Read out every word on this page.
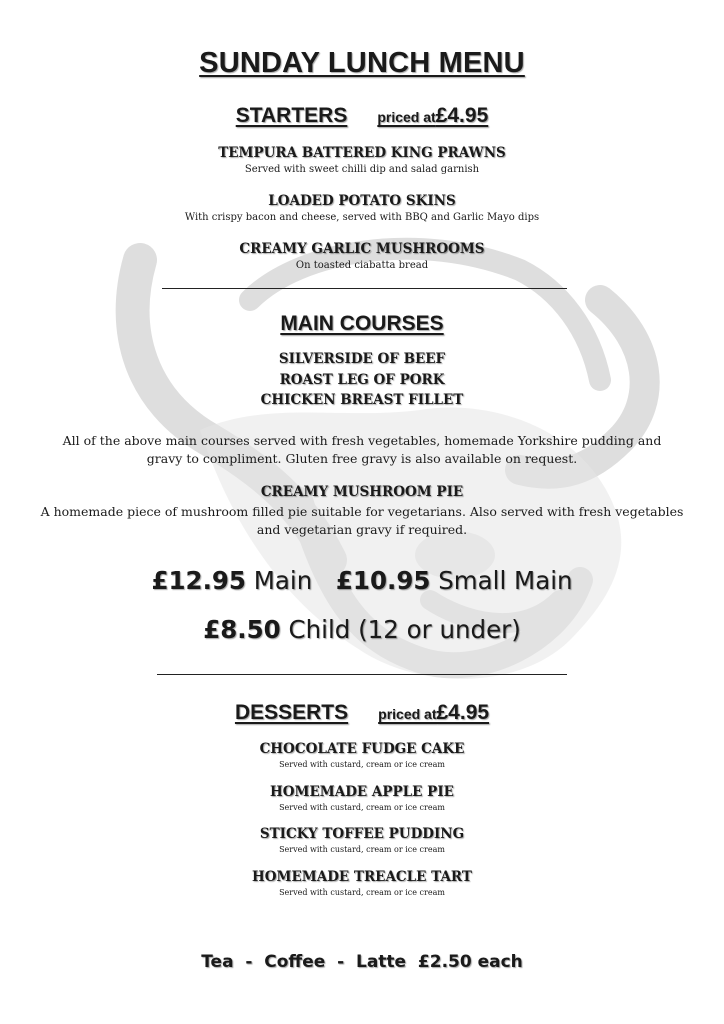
SUNDAY LUNCH MENU
STARTERS priced at£4.95
TEMPURA BATTERED KING PRAWNS
Served with sweet chilli dip and salad garnish
LOADED POTATO SKINS
With crispy bacon and cheese, served with BBQ and Garlic Mayo dips
CREAMY GARLIC MUSHROOMS
On toasted ciabatta bread
MAIN COURSES
SILVERSIDE OF BEEF
ROAST LEG OF PORK
CHICKEN BREAST FILLET
All of the above main courses served with fresh vegetables, homemade Yorkshire pudding and gravy to compliment. Gluten free gravy is also available on request.
CREAMY MUSHROOM PIE
A homemade piece of mushroom filled pie suitable for vegetarians. Also served with fresh vegetables and vegetarian gravy if required.
£12.95 Main £10.95 Small Main
£8.50 Child (12 or under)
DESSERTS priced at£4.95
CHOCOLATE FUDGE CAKE
Served with custard, cream or ice cream
HOMEMADE APPLE PIE
Served with custard, cream or ice cream
STICKY TOFFEE PUDDING
Served with custard, cream or ice cream
HOMEMADE TREACLE TART
Served with custard, cream or ice cream
Tea  -  Coffee  -  Latte  £2.50 each
